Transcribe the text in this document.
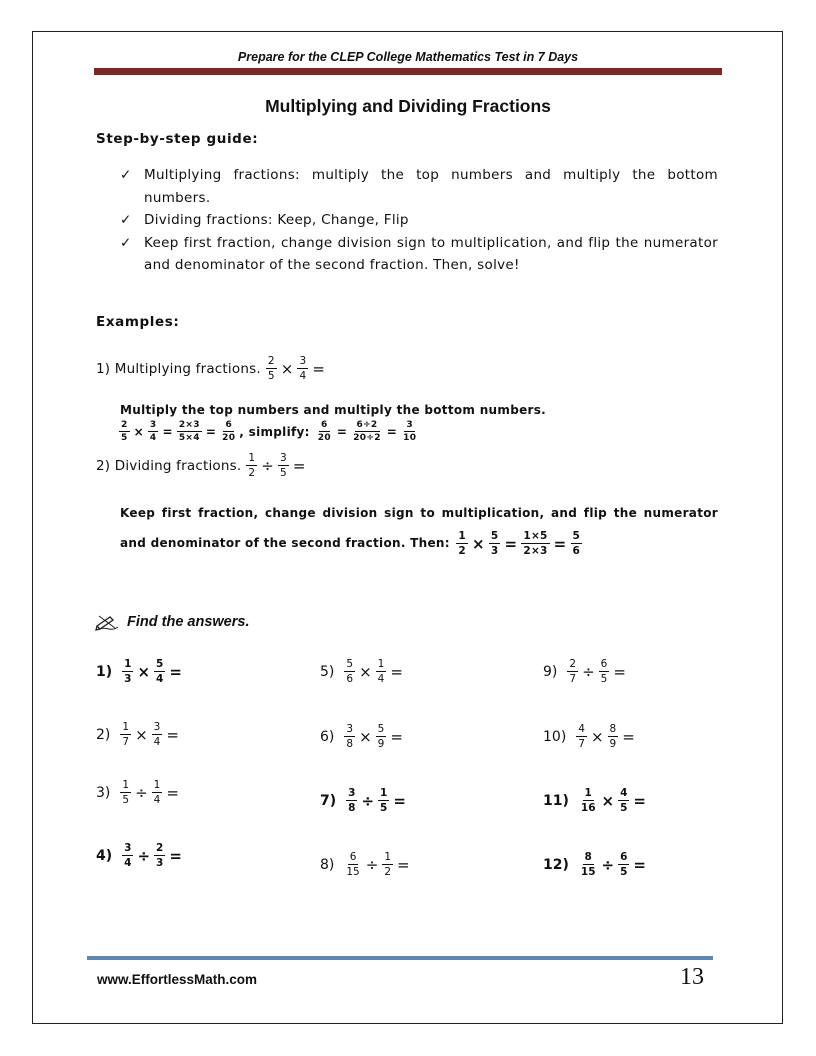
Prepare for the CLEP College Mathematics Test in 7 Days
Multiplying and Dividing Fractions
Step-by-step guide:
✓ Multiplying fractions: multiply the top numbers and multiply the bottom numbers.
✓ Dividing fractions: Keep, Change, Flip
✓ Keep first fraction, change division sign to multiplication, and flip the numerator and denominator of the second fraction. Then, solve!
Examples:
1) Multiplying fractions. $\frac{2}{5} \times \frac{3}{4}$ =
Multiply the top numbers and multiply the bottom numbers.
$\frac{2}{5} \times \frac{3}{4} = \frac{2\times 3}{5\times 4} = \frac{6}{20}$ , simplify: $\frac{6}{20} = \frac{6\div 2}{20\div 2} = \frac{3}{10}$
2) Dividing fractions. $\frac{1}{2} \div \frac{3}{5}$ =
Keep first fraction, change division sign to multiplication, and flip the numerator and denominator of the second fraction. Then: $\frac{1}{2} \times \frac{5}{3} = \frac{1\times 5}{2\times 3} = \frac{5}{6}$
Find the answers.
$1) \frac{1}{3} \times \frac{5}{4}$ =
$2) \frac{1}{7} \times \frac{3}{4}$ =
$3) \frac{1}{5} \div \frac{1}{4}$ =
$4) \frac{3}{4} \div \frac{2}{3}$ =
$5) \frac{5}{6} \times \frac{1}{4}$ =
$6) \frac{3}{8} \times \frac{5}{9}$ =
$7) \frac{3}{8} \div \frac{1}{5}$ =
$8) \frac{6}{15} \div \frac{1}{2}$ =
$9) \frac{2}{7} \div \frac{6}{5}$ =
$10) \frac{4}{7} \times \frac{8}{9}$ =
$11) \frac{1}{16} \times \frac{4}{5}$ =
$12) \frac{8}{15} \div \frac{6}{5}$ =
www.EffortlessMath.com	13
